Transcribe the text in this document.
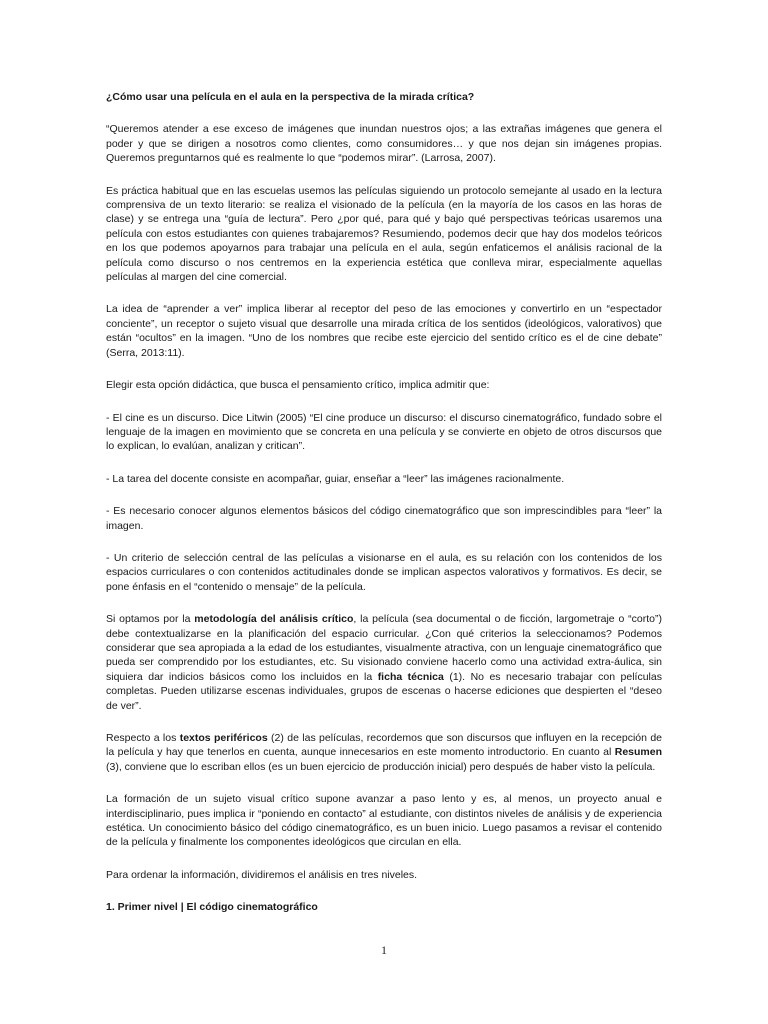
¿Cómo usar una película en el aula en la perspectiva de la mirada crítica?

“Queremos atender a ese exceso de imágenes que inundan nuestros ojos; a las extrañas imágenes que genera el poder y que se dirigen a nosotros como clientes, como consumidores… y que nos dejan sin imágenes propias. Queremos preguntarnos qué es realmente lo que “podemos mirar”. (Larrosa, 2007).

Es práctica habitual que en las escuelas usemos las películas siguiendo un protocolo semejante al usado en la lectura comprensiva de un texto literario: se realiza el visionado de la película (en la mayoría de los casos en las horas de clase) y se entrega una “guía de lectura”. Pero ¿por qué, para qué y bajo qué perspectivas teóricas usaremos una película con estos estudiantes con quienes trabajaremos? Resumiendo, podemos decir que hay dos modelos teóricos en los que podemos apoyarnos para trabajar una película en el aula, según enfaticemos el análisis racional de la película como discurso o nos centremos en la experiencia estética que conlleva mirar, especialmente aquellas películas al margen del cine comercial.

La idea de “aprender a ver” implica liberar al receptor del peso de las emociones y convertirlo en un “espectador conciente”, un receptor o sujeto visual que desarrolle una mirada crítica de los sentidos (ideológicos, valorativos) que están “ocultos” en la imagen. “Uno de los nombres que recibe este ejercicio del sentido crítico es el de cine debate” (Serra, 2013:11).

Elegir esta opción didáctica, que busca el pensamiento crítico, implica admitir que:

- El cine es un discurso. Dice Litwin (2005) “El cine produce un discurso: el discurso cinematográfico, fundado sobre el lenguaje de la imagen en movimiento que se concreta en una película y se convierte en objeto de otros discursos que lo explican, lo evalúan, analizan y critican”.

- La tarea del docente consiste en acompañar, guiar, enseñar a “leer” las imágenes racionalmente.

- Es necesario conocer algunos elementos básicos del código cinematográfico que son imprescindibles para “leer” la imagen.

- Un criterio de selección central de las películas a visionarse en el aula, es su relación con los contenidos de los espacios curriculares o con contenidos actitudinales donde se implican aspectos valorativos y formativos. Es decir, se pone énfasis en el “contenido o mensaje” de la película.

Si optamos por la metodología del análisis crítico, la película (sea documental o de ficción, largometraje o “corto”) debe contextualizarse en la planificación del espacio curricular. ¿Con qué criterios la seleccionamos? Podemos considerar que sea apropiada a la edad de los estudiantes, visualmente atractiva, con un lenguaje cinematográfico que pueda ser comprendido por los estudiantes, etc. Su visionado conviene hacerlo como una actividad extra-áulica, sin siquiera dar indicios básicos como los incluidos en la ficha técnica (1). No es necesario trabajar con películas completas. Pueden utilizarse escenas individuales, grupos de escenas o hacerse ediciones que despierten el “deseo de ver”.

Respecto a los textos periféricos (2) de las películas, recordemos que son discursos que influyen en la recepción de la película y hay que tenerlos en cuenta, aunque innecesarios en este momento introductorio. En cuanto al Resumen (3), conviene que lo escriban ellos (es un buen ejercicio de producción inicial) pero después de haber visto la película.

La formación de un sujeto visual crítico supone avanzar a paso lento y es, al menos, un proyecto anual e interdisciplinario, pues implica ir “poniendo en contacto” al estudiante, con distintos niveles de análisis y de experiencia estética. Un conocimiento básico del código cinematográfico, es un buen inicio. Luego pasamos a revisar el contenido de la película y finalmente los componentes ideológicos que circulan en ella.

Para ordenar la información, dividiremos el análisis en tres niveles.

1. Primer nivel | El código cinematográfico

1
